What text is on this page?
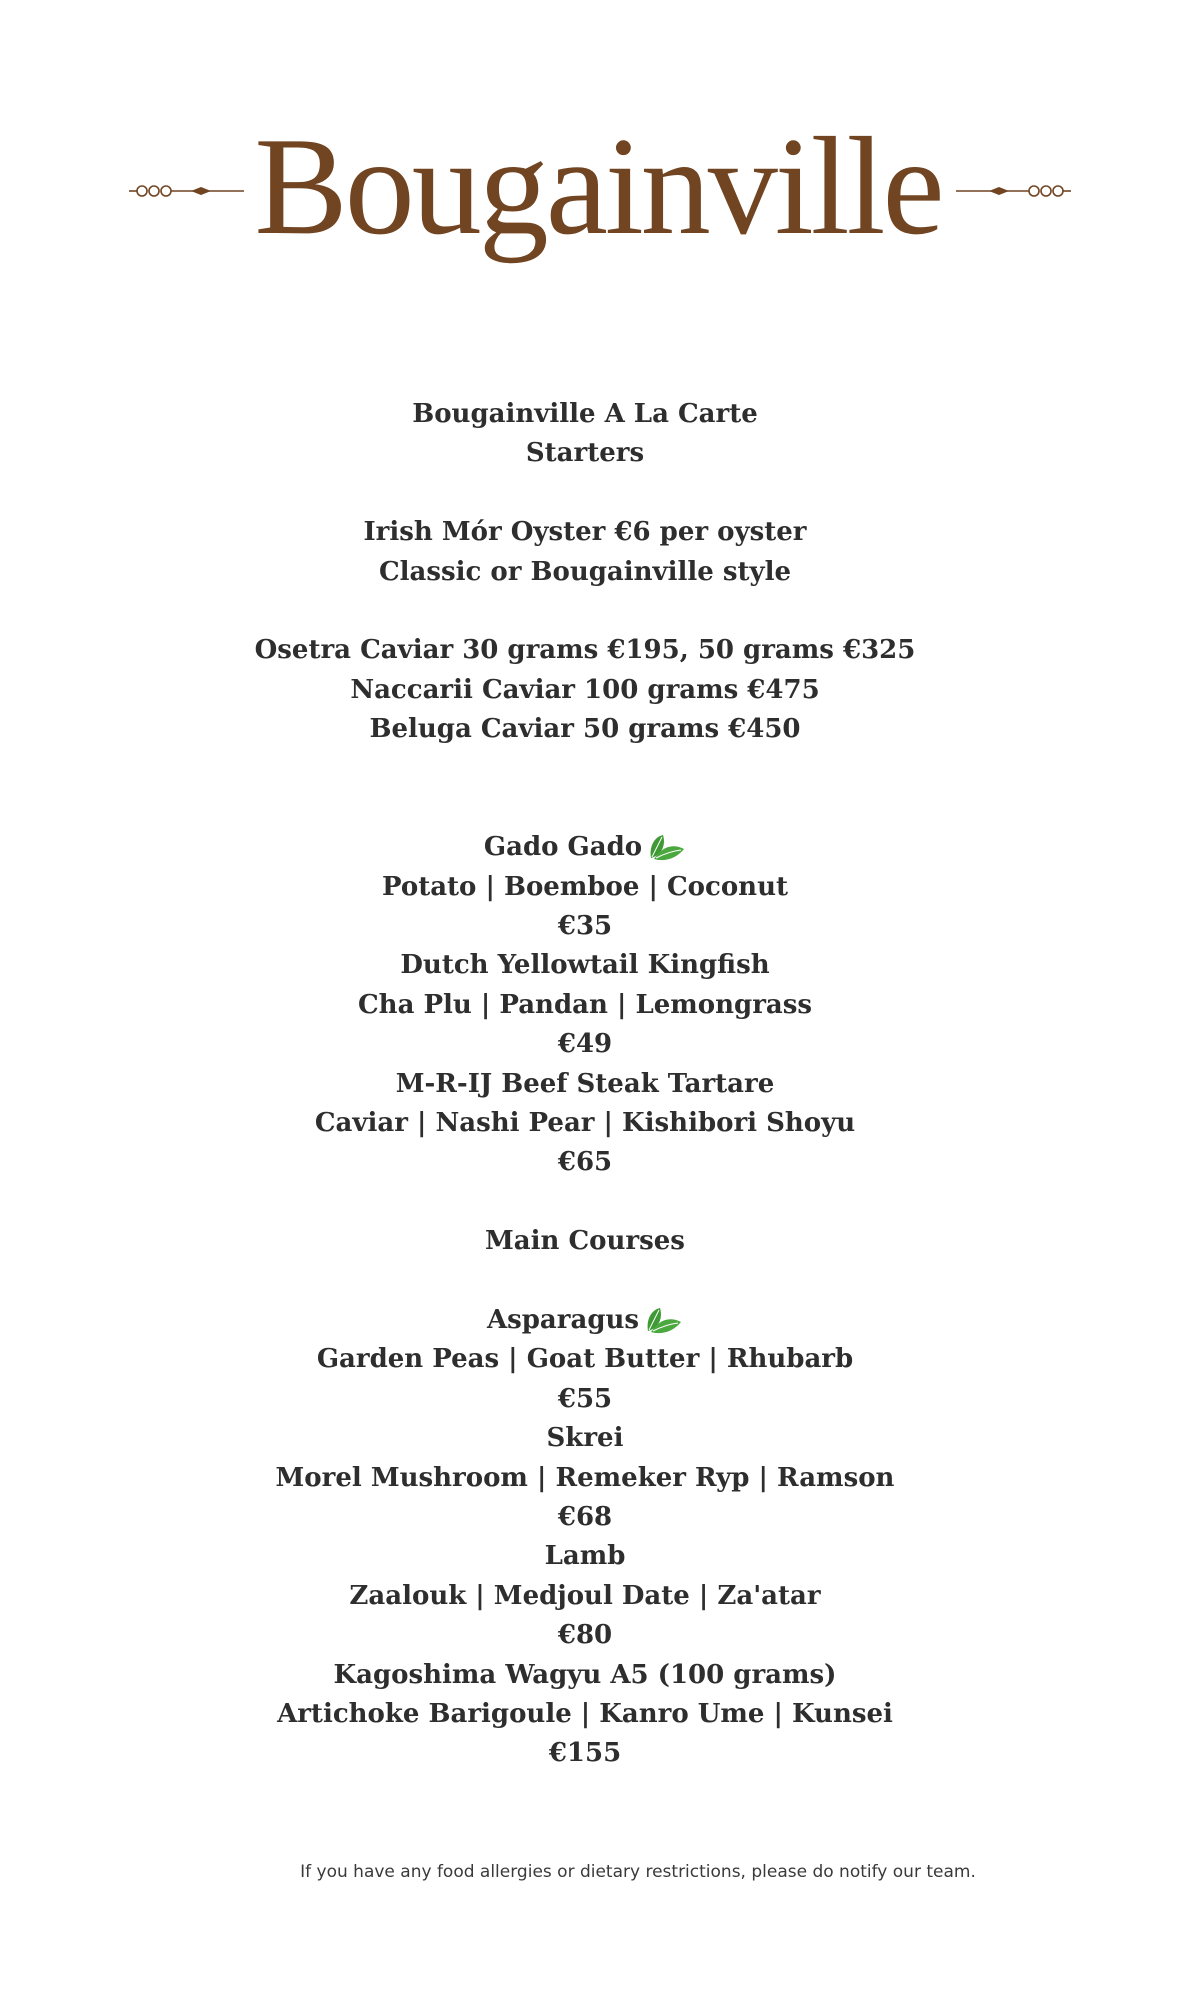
Bougainville
Bougainville A La Carte
Starters
Irish Mór Oyster €6 per oyster
Classic or Bougainville style
Osetra Caviar 30 grams €195, 50 grams €325
Naccarii Caviar 100 grams €475
Beluga Caviar 50 grams €450
Gado Gado
Potato | Boemboe | Coconut
€35
Dutch Yellowtail Kingfish
Cha Plu | Pandan | Lemongrass
€49
M-R-IJ Beef Steak Tartare
Caviar | Nashi Pear | Kishibori Shoyu
€65
Main Courses
Asparagus
Garden Peas | Goat Butter | Rhubarb
€55
Skrei
Morel Mushroom | Remeker Ryp | Ramson
€68
Lamb
Zaalouk | Medjoul Date | Za'atar
€80
Kagoshima Wagyu A5 (100 grams)
Artichoke Barigoule | Kanro Ume | Kunsei
€155
If you have any food allergies or dietary restrictions, please do notify our team.
